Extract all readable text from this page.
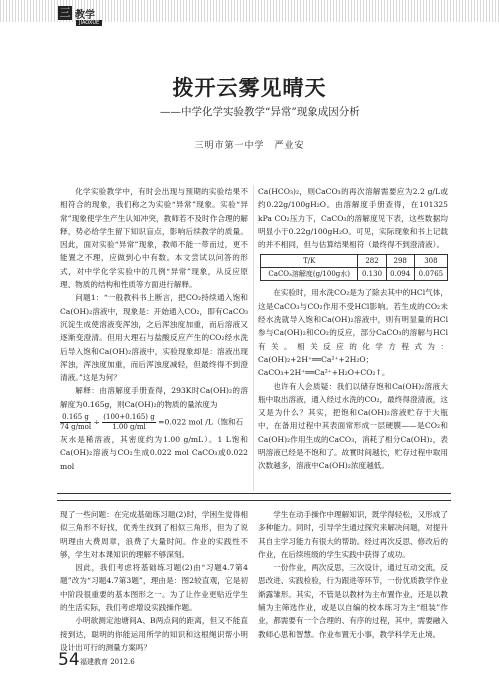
三 教学
JIAOXUE
拨开云雾见晴天
——中学化学实验教学“异常”现象成因分析
三明市第一中学　严业安

化学实验教学中，有时会出现与预期的实验结果不相符合的现象，我们称之为实验“异常”现象。实验“异常”现象使学生产生认知冲突，教师若不及时作合理的解释，势必给学生留下知识盲点，影响后续教学的质量。因此，面对实验“异常”现象，教师不能一带而过，更不能置之不理，应做到心中有数。本文尝试以问答的形式，对中学化学实验中的几例“异常”现象，从反应原理、物质的结构和性质等方面进行解释。

问题1：“一般教科书上断言，把CO₂持续通入饱和Ca(OH)₂溶液中，现象是：开始通入CO₂，即有CaCO₃沉淀生成使溶液变浑浊，之后浑浊度加重，而后溶液又逐渐变澄清。但用大理石与盐酸反应产生的CO₂经水洗后导入饱和Ca(OH)₂溶液中，实验现象却是：溶液出现浑浊，浑浊度加重，而后浑浊度减轻，但最终得不到澄清液。”这是为何？

解释：由溶解度手册查得，293K时Ca(OH)₂的溶解度为0.165g，则Ca(OH)₂的物质的量浓度为

$\frac{0.165 g}{\text{74 g/mol}} \div \frac{(100+0.165) g}{1.00 g/ml} =0.022$ mol /L（饱和石
灰水是稀溶液，其密度约为1.00 g/mL）。1 L饱和Ca(OH)₂溶液与CO₂生成0.022 mol CaCO₃或0.022 mol
Ca(HCO₃)₂，则CaCO₃的再次溶解需要应为2.2 g/L或约0.22g/100gH₂O。由溶解度手册查得，在101325 kPa CO₂压力下，CaCO₃的溶解度见下表，这些数据均明显小于0.22g/100gH₂O。可见，实际现象和书上记载的并不相同，但与估算结果相符（最终得不到澄清液）。
T/K	282	298	308
CaCO₃溶解度(g/100g水)	0.130	0.094	0.0765

在实验时，用水洗CO₂是为了除去其中的HCl气体，这是CaCO₃与CO₂作用不受HCl影响。若生成的CO₂未经水洗就导入饱和Ca(OH)₂溶液中，则有明显量的HCl参与Ca(OH)₂和CO₂的反应，部分CaCO₃的溶解与HCl有关。相关反应的化学方程式为：Ca(OH)₂+2H⁺══Ca²⁺+2H₂O；CaCO₃+2H⁺══Ca²⁺+H₂O+CO₂↑。

也许有人会质疑：我们以储存饱和Ca(OH)₂溶液大瓶中取出溶液，通入经过水洗的CO₂，最终得澄清液，这又是为什么？其实，把饱和Ca(OH)₂溶液贮存于大瓶中，在备用过程中其表面常形成一层硬膜——是CO₂和Ca(OH)₂作用生成的CaCO₃，消耗了相分Ca(OH)₂，表明溶液已经是不饱和了。故實时间越长，贮存过程中取用次数越多，溶液中Ca(OH)₂浓度越低。

现了一些问题：在完成基础练习题(2)时，学困生觉得相似三角形不好找，优秀生找到了相似三角形，但为了说明理由大费周章，浪费了大量时间。作业的实践性不够，学生对本课知识的理解不够深刻。

因此，我们考虑将基础练习题(2)由“习题4.7第4题”改为“习题4.7第3题”，理由是：图2较直观，它是初中阶段很重要的基本图形之一。为了让作业更贴近学生的生活实际，我们考虑增设实践操作题。

小明欲测定池塘间A、B两点间的距离，但又不能直接到达，聪明的你能运用所学的知识和这根绳识帮小明设计出可行的测量方案吗？

学生在动手操作中理解知识，既学得轻松，又形成了多种能力。同时，引导学生通过探究来解决问题，对提升其自主学习能力有很大的帮助。经过再次反思、修改后的作业，在后续班级的学生实践中获得了成功。

一份作业，两次反思，三次设计，通过互动交流，反思改进、实践检验，行为跟进等环节，一份优质教学作业渐露雏形。其实，不管是以教材为主布置作业，还是以教辅为主筛选作业，或是以自编的校本练习为主“组装”作业，都需要有一个合理的、有序的过程，其中，需要融入教师心思和智慧。作业布置无小事，教学科学无止境。

54 福建教育 2012.6
